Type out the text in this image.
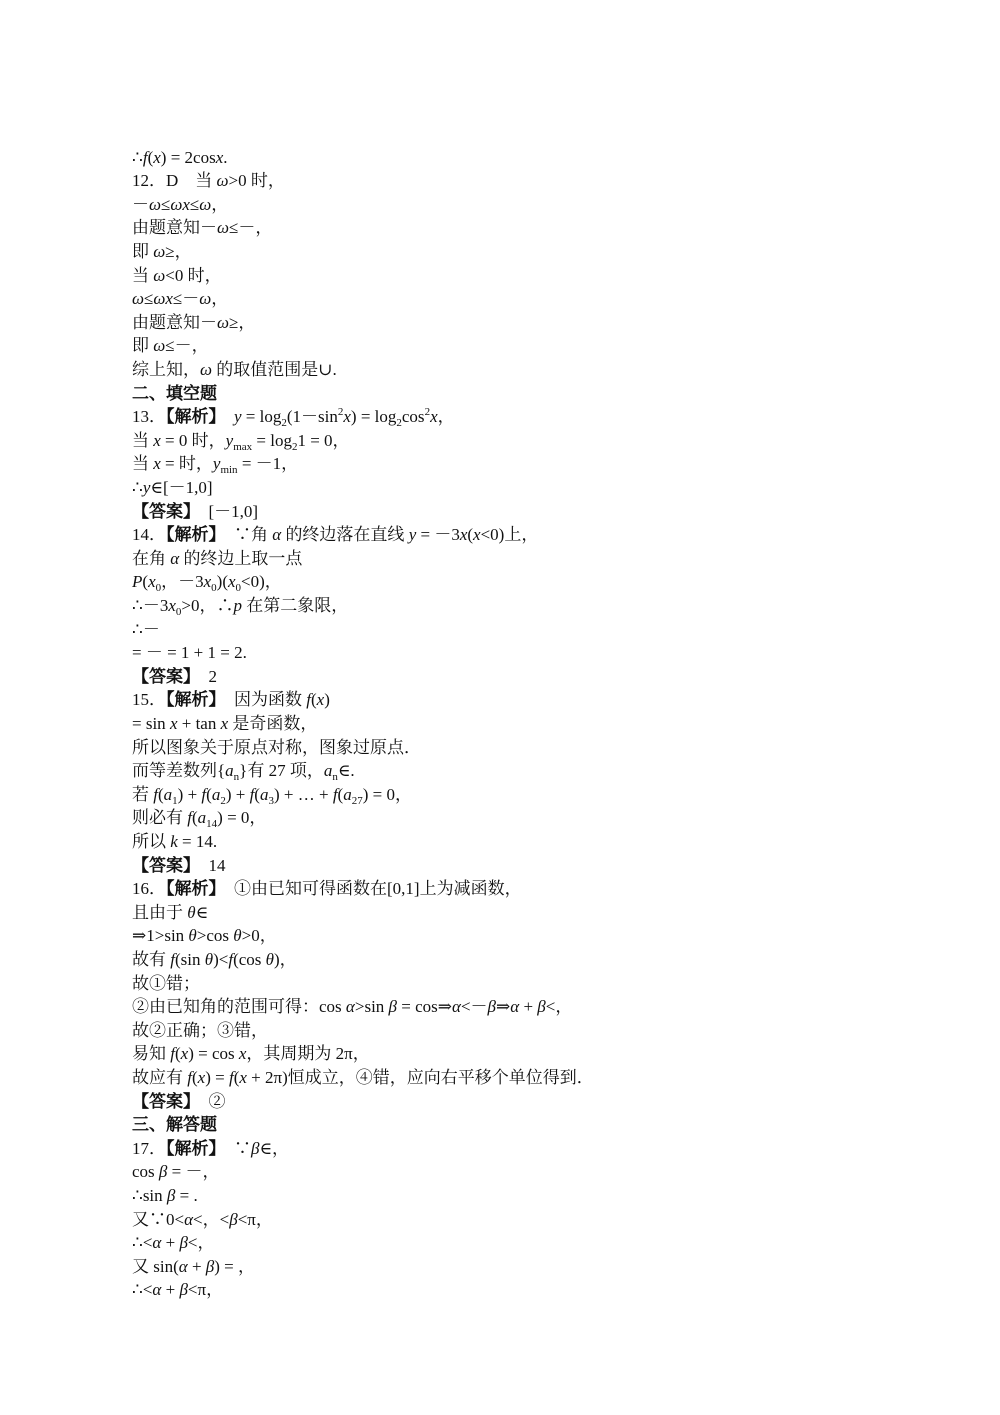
∴f(x) = 2cosx.
12．D　当 ω>0 时，
－ω≤ωx≤ω，
由题意知－ω≤－，
即 ω≥，
当 ω<0 时，
ω≤ωx≤－ω，
由题意知－ω≥，
即 ω≤－，
综上知，ω 的取值范围是∪.
二、填空题
13．【解析】　 $y = \log_2(1-\sin^2x) = \log_2\cos^2x$，
当 x = 0 时，$y_{max} = \log_21 = 0$，
当 x = 时，$y_{min} = -1$，
∴y∈[－1,0]
【答案】　[－1,0]
14．【解析】　∵角 α 的终边落在直线 y = －3x(x<0)上，
在角 α 的终边上取一点
$P(x_0$，$-3x_0)(x_0<0)$，
$\therefore-3x_0>0$，∴p 在第二象限，
∴－
= － = 1 + 1 = 2.
【答案】　2
15．【解析】　因为函数 f(x)
= sin x + tan x 是奇函数，
所以图象关于原点对称，图象过原点．
而等差数列$\{a_n\}$有 27 项，$a_n\in$.
若 $f(a_1) + f(a_2) + f(a_3)$ + … + $f(a_{27}) = 0$，
则必有 $f(a_{14}) = 0$，
所以 k = 14.
【答案】　14
16．【解析】　①由已知可得函数在[0,1]上为减函数，
且由于 θ∈
⇒1>sin θ>cos θ>0，
故有 f(sin θ)<f(cos θ)，
故①错；
②由已知角的范围可得：cos α>sin β = cos⇒α<－β⇒α + β<，
故②正确；③错，
易知 f(x) = cos x，其周期为 2π，
故应有 f(x) = f(x + 2π)恒成立，④错，应向右平移个单位得到．
【答案】　②
三、解答题
17．【解析】　∵β∈，
cos β = －，
∴sin β = .
又∵0<α<，<β<π，
∴<α + β<，
又 sin(α + β) = ，
∴<α + β<π，
